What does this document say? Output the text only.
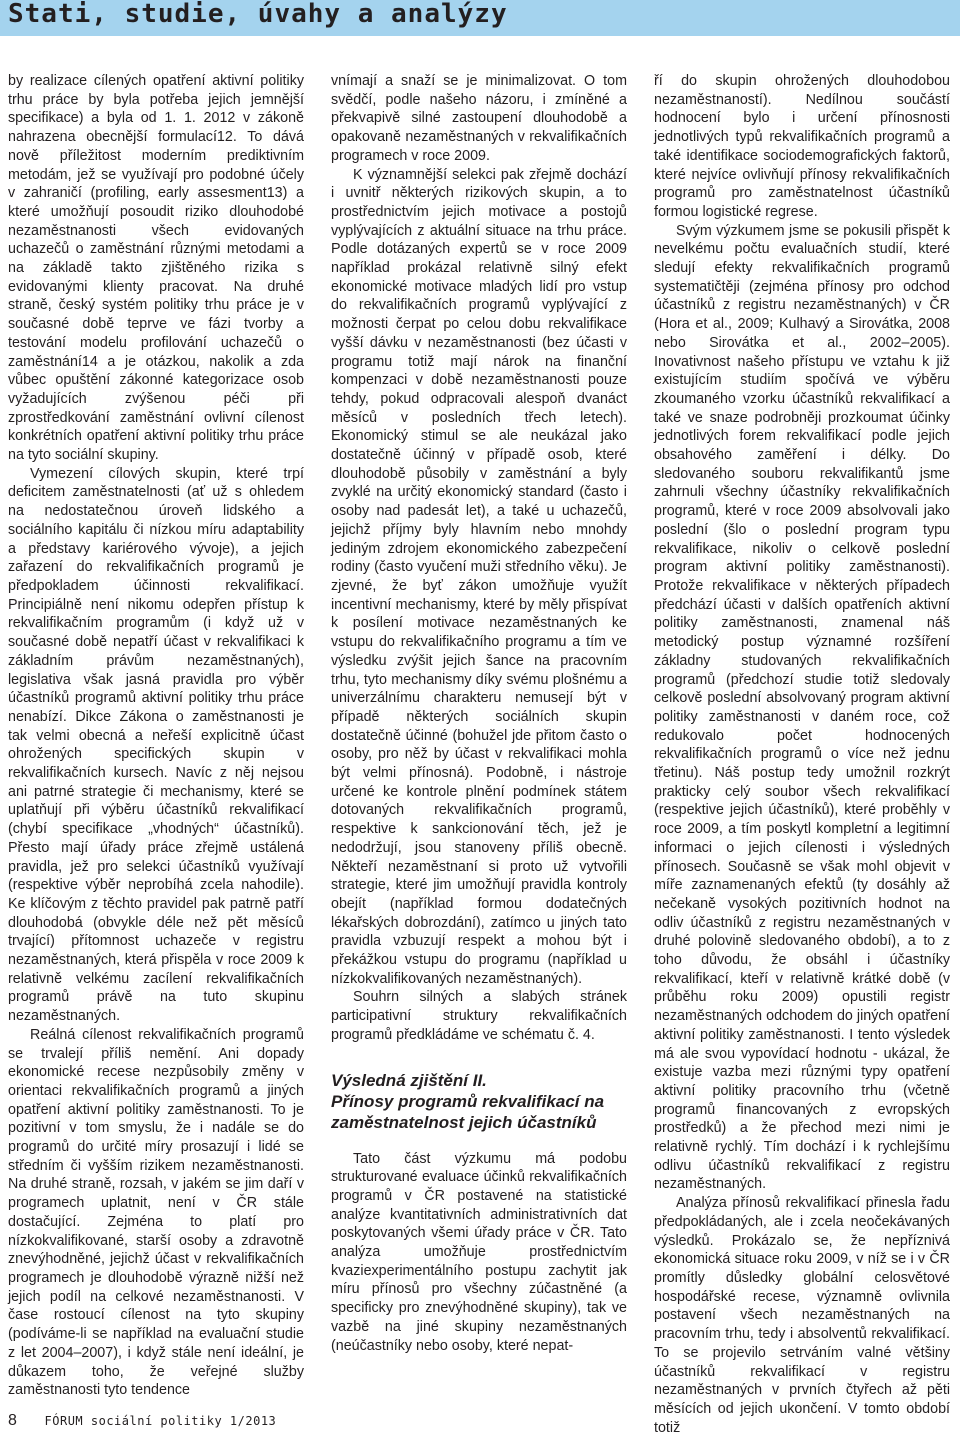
Stati, studie, úvahy a analýzy

by realizace cílených opatření aktivní politiky trhu práce by byla potřeba jejich jemnější specifikace) a byla od 1. 1. 2012 v zákoně nahrazena obecnější formulací12. To dává nově příležitost moderním prediktivním metodám, jež se využívají pro podobné účely v zahraničí (profiling, early assesment13) a které umožňují posoudit riziko dlouhodobé nezaměstnanosti všech evidovaných uchazečů o zaměstnání různými metodami a na základě takto zjištěného rizika s evidovanými klienty pracovat. Na druhé straně, český systém politiky trhu práce je v současné době teprve ve fázi tvorby a testování modelu profilování uchazečů o zaměstnání14 a je otázkou, nakolik a zda vůbec opuštění zákonné kategorizace osob vyžadujících zvýšenou péči při zprostředkování zaměstnání ovlivní cílenost konkrétních opatření aktivní politiky trhu práce na tyto sociální skupiny.

Vymezení cílových skupin, které trpí deficitem zaměstnatelnosti (ať už s ohledem na nedostatečnou úroveň lidského a sociálního kapitálu či nízkou míru adaptability a představy kariérového vývoje), a jejich zařazení do rekvalifikačních programů je předpokladem účinnosti rekvalifikací. Principiálně není nikomu odepřen přístup k rekvalifikačním programům (i když už v současné době nepatří účast v rekvalifikaci k základním právům nezaměstnaných), legislativa však jasná pravidla pro výběr účastníků programů aktivní politiky trhu práce nenabízí. Dikce Zákona o zaměstnanosti je tak velmi obecná a neřeší explicitně účast ohrožených specifických skupin v rekvalifikačních kursech. Navíc z něj nejsou ani patrné strategie či mechanismy, které se uplatňují při výběru účastníků rekvalifikací (chybí specifikace „vhodných“ účastníků). Přesto mají úřady práce zřejmě ustálená pravidla, jež pro selekci účastníků využívají (respektive výběr neprobíhá zcela nahodile). Ke klíčovým z těchto pravidel pak patrně patří dlouhodobá (obvykle déle než pět měsíců trvající) přítomnost uchazeče v registru nezaměstnaných, která přispěla v roce 2009 k relativně velkému zacílení rekvalifikačních programů právě na tuto skupinu nezaměstnaných.

Reálná cílenost rekvalifikačních programů se trvalejí příliš nemění. Ani dopady ekonomické recese nezpůsobily změny v orientaci rekvalifikačních programů a jiných opatření aktivní politiky zaměstnanosti. To je pozitivní v tom smyslu, že i nadále se do programů do určité míry prosazují i lidé se středním či vyšším rizikem nezaměstnanosti. Na druhé straně, rozsah, v jakém se jim daří v programech uplatnit, není v ČR stále dostačující. Zejména to platí pro nízkokvalifikované, starší osoby a zdravotně znevýhodněné, jejichž účast v rekvalifikačních programech je dlouhodobě výrazně nižší než jejich podíl na celkové nezaměstnanosti. V čase rostoucí cílenost na tyto skupiny (podíváme-li se například na evaluační studie z let 2004–2007), i když stále není ideální, je důkazem toho, že veřejné služby zaměstnanosti tyto tendence

vnímají a snaží se je minimalizovat. O tom svědčí, podle našeho názoru, i zmíněné a překvapivě silné zastoupení dlouhodobě a opakovaně nezaměstnaných v rekvalifikačních programech v roce 2009.

K významnější selekci pak zřejmě dochází i uvnitř některých rizikových skupin, a to prostřednictvím jejich motivace a postojů vyplývajících z aktuální situace na trhu práce. Podle dotázaných expertů se v roce 2009 například prokázal relativně silný efekt ekonomické motivace mladých lidí pro vstup do rekvalifikačních programů vyplývající z možnosti čerpat po celou dobu rekvalifikace vyšší dávku v nezaměstnanosti (bez účasti v programu totiž mají nárok na finanční kompenzaci v době nezaměstnanosti pouze tehdy, pokud odpracovali alespoň dvanáct měsíců v posledních třech letech). Ekonomický stimul se ale neukázal jako dostatečně účinný v případě osob, které dlouhodobě působily v zaměstnání a byly zvyklé na určitý ekonomický standard (často i osoby nad padesát let), a také u uchazečů, jejichž příjmy byly hlavním nebo mnohdy jediným zdrojem ekonomického zabezpečení rodiny (často vyučení muži středního věku). Je zjevné, že byť zákon umožňuje využít incentivní mechanismy, které by měly přispívat k posílení motivace nezaměstnaných ke vstupu do rekvalifikačního programu a tím ve výsledku zvýšit jejich šance na pracovním trhu, tyto mechanismy díky svému plošnému a univerzálnímu charakteru nemusejí být v případě některých sociálních skupin dostatečně účinné (bohužel jde přitom často o osoby, pro něž by účast v rekvalifikaci mohla být velmi přínosná). Podobně, i nástroje určené ke kontrole plnění podmínek státem dotovaných rekvalifikačních programů, respektive k sankcionování těch, jež je nedodržují, jsou stanoveny příliš obecně. Někteří nezaměstnaní si proto už vytvořili strategie, které jim umožňují pravidla kontroly obejít (například formou dodatečných lékařských dobrozdání), zatímco u jiných tato pravidla vzbuzují respekt a mohou být i překážkou vstupu do programu (například u nízkokvalifikovaných nezaměstnaných).

Souhrn silných a slabých stránek participativní struktury rekvalifikačních programů předkládáme ve schématu č. 4.

Výsledná zjištění II.
Přínosy programů rekvalifikací na zaměstnatelnost jejich účastníků

Tato část výzkumu má podobu strukturované evaluace účinků rekvalifikačních programů v ČR postavené na statistické analýze kvantitativních administrativních dat poskytovaných všemi úřady práce v ČR. Tato analýza umožňuje prostřednictvím kvaziexperimentálního postupu zachytit jak míru přínosů pro všechny zúčastněné (a specificky pro znevýhodněné skupiny), tak ve vazbě na jiné skupiny nezaměstnaných (neúčastníky nebo osoby, které nepat-

ří do skupin ohrožených dlouhodobou nezaměstnaností). Nedílnou součástí hodnocení bylo i určení přínosnosti jednotlivých typů rekvalifikačních programů a také identifikace sociodemografických faktorů, které nejvíce ovlivňují přínosy rekvalifikačních programů pro zaměstnatelnost účastníků formou logistické regrese.

Svým výzkumem jsme se pokusili přispět k nevelkému počtu evaluačních studií, které sledují efekty rekvalifikačních programů systematičtěji (zejména přínosy pro odchod účastníků z registru nezaměstnaných) v ČR (Hora et al., 2009; Kulhavý a Sirovátka, 2008 nebo Sirovátka et al., 2002–2005). Inovativnost našeho přístupu ve vztahu k již existujícím studiím spočívá ve výběru zkoumaného vzorku účastníků rekvalifikací a také ve snaze podrobněji prozkoumat účinky jednotlivých forem rekvalifikací podle jejich obsahového zaměření i délky. Do sledovaného souboru rekvalifikantů jsme zahrnuli všechny účastníky rekvalifikačních programů, které v roce 2009 absolvovali jako poslední (šlo o poslední program typu rekvalifikace, nikoliv o celkově poslední program aktivní politiky zaměstnanosti). Protože rekvalifikace v některých případech předchází účasti v dalších opatřeních aktivní politiky zaměstnanosti, znamenal náš metodický postup významné rozšíření základny studovaných rekvalifikačních programů (předchozí studie totiž sledovaly celkově poslední absolvovaný program aktivní politiky zaměstnanosti v daném roce, což redukovalo počet hodnocených rekvalifikačních programů o více než jednu třetinu). Náš postup tedy umožnil rozkrýt prakticky celý soubor všech rekvalifikací (respektive jejich účastníků), které proběhly v roce 2009, a tím poskytl kompletní a legitimní informaci o jejich cílenosti i výsledných přínosech. Současně se však mohl objevit v míře zaznamenaných efektů (ty dosáhly až nečekaně vysokých pozitivních hodnot na odliv účastníků z registru nezaměstnaných v druhé polovině sledovaného období), a to z toho důvodu, že obsáhl i účastníky rekvalifikací, kteří v relativně krátké době (v průběhu roku 2009) opustili registr nezaměstnaných odchodem do jiných opatření aktivní politiky zaměstnanosti. I tento výsledek má ale svou vypovídací hodnotu - ukázal, že existuje vazba mezi různými typy opatření aktivní politiky pracovního trhu (včetně programů financovaných z evropských prostředků) a že přechod mezi nimi je relativně rychlý. Tím dochází i k rychlejšímu odlivu účastníků rekvalifikací z registru nezaměstnaných.

Analýza přínosů rekvalifikací přinesla řadu předpokládaných, ale i zcela neočekávaných výsledků. Prokázalo se, že nepříznivá ekonomická situace roku 2009, v níž se i v ČR promítly důsledky globální celosvětové hospodářské recese, významně ovlivnila postavení všech nezaměstnaných na pracovním trhu, tedy i absolventů rekvalifikací. To se projevilo setrváním valné většiny účastníků rekvalifikací v registru nezaměstnaných v prvních čtyřech až pěti měsících od jejich ukončení. V tomto období totiž

8 FÓRUM sociální politiky 1/2013
